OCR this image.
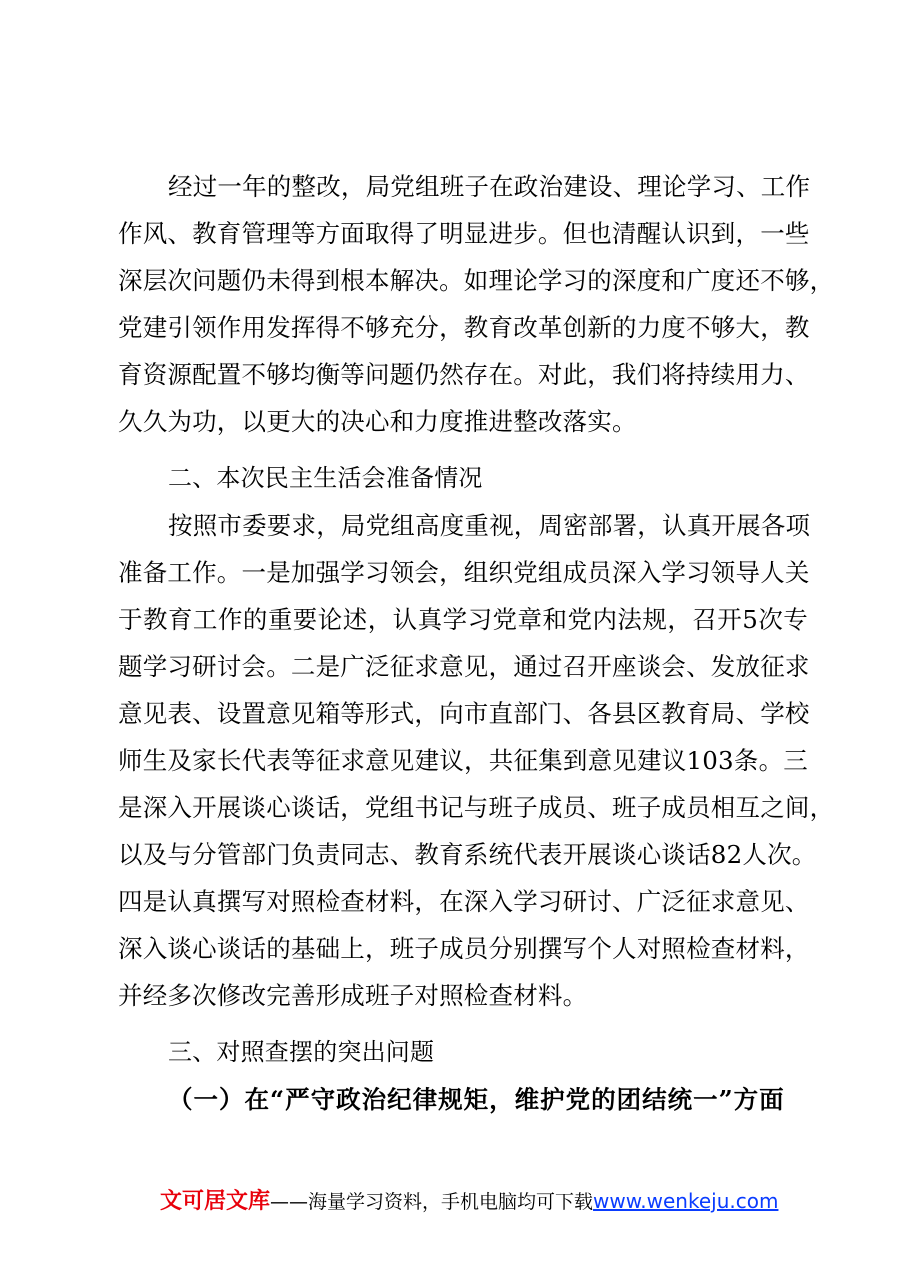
经过一年的整改，局党组班子在政治建设、理论学习、工作
作风、教育管理等方面取得了明显进步。但也清醒认识到，一些
深层次问题仍未得到根本解决。如理论学习的深度和广度还不够，
党建引领作用发挥得不够充分，教育改革创新的力度不够大，教
育资源配置不够均衡等问题仍然存在。对此，我们将持续用力、
久久为功，以更大的决心和力度推进整改落实。
二、本次民主生活会准备情况
按照市委要求，局党组高度重视，周密部署，认真开展各项
准备工作。一是加强学习领会，组织党组成员深入学习领导人关
于教育工作的重要论述，认真学习党章和党内法规，召开5次专
题学习研讨会。二是广泛征求意见，通过召开座谈会、发放征求
意见表、设置意见箱等形式，向市直部门、各县区教育局、学校
师生及家长代表等征求意见建议，共征集到意见建议103条。三
是深入开展谈心谈话，党组书记与班子成员、班子成员相互之间，
以及与分管部门负责同志、教育系统代表开展谈心谈话82人次。
四是认真撰写对照检查材料，在深入学习研讨、广泛征求意见、
深入谈心谈话的基础上，班子成员分别撰写个人对照检查材料，
并经多次修改完善形成班子对照检查材料。
三、对照查摆的突出问题
（一）在“严守政治纪律规矩，维护党的团结统一”方面
文可居文库——海量学习资料，手机电脑均可下载www.wenkeju.com
